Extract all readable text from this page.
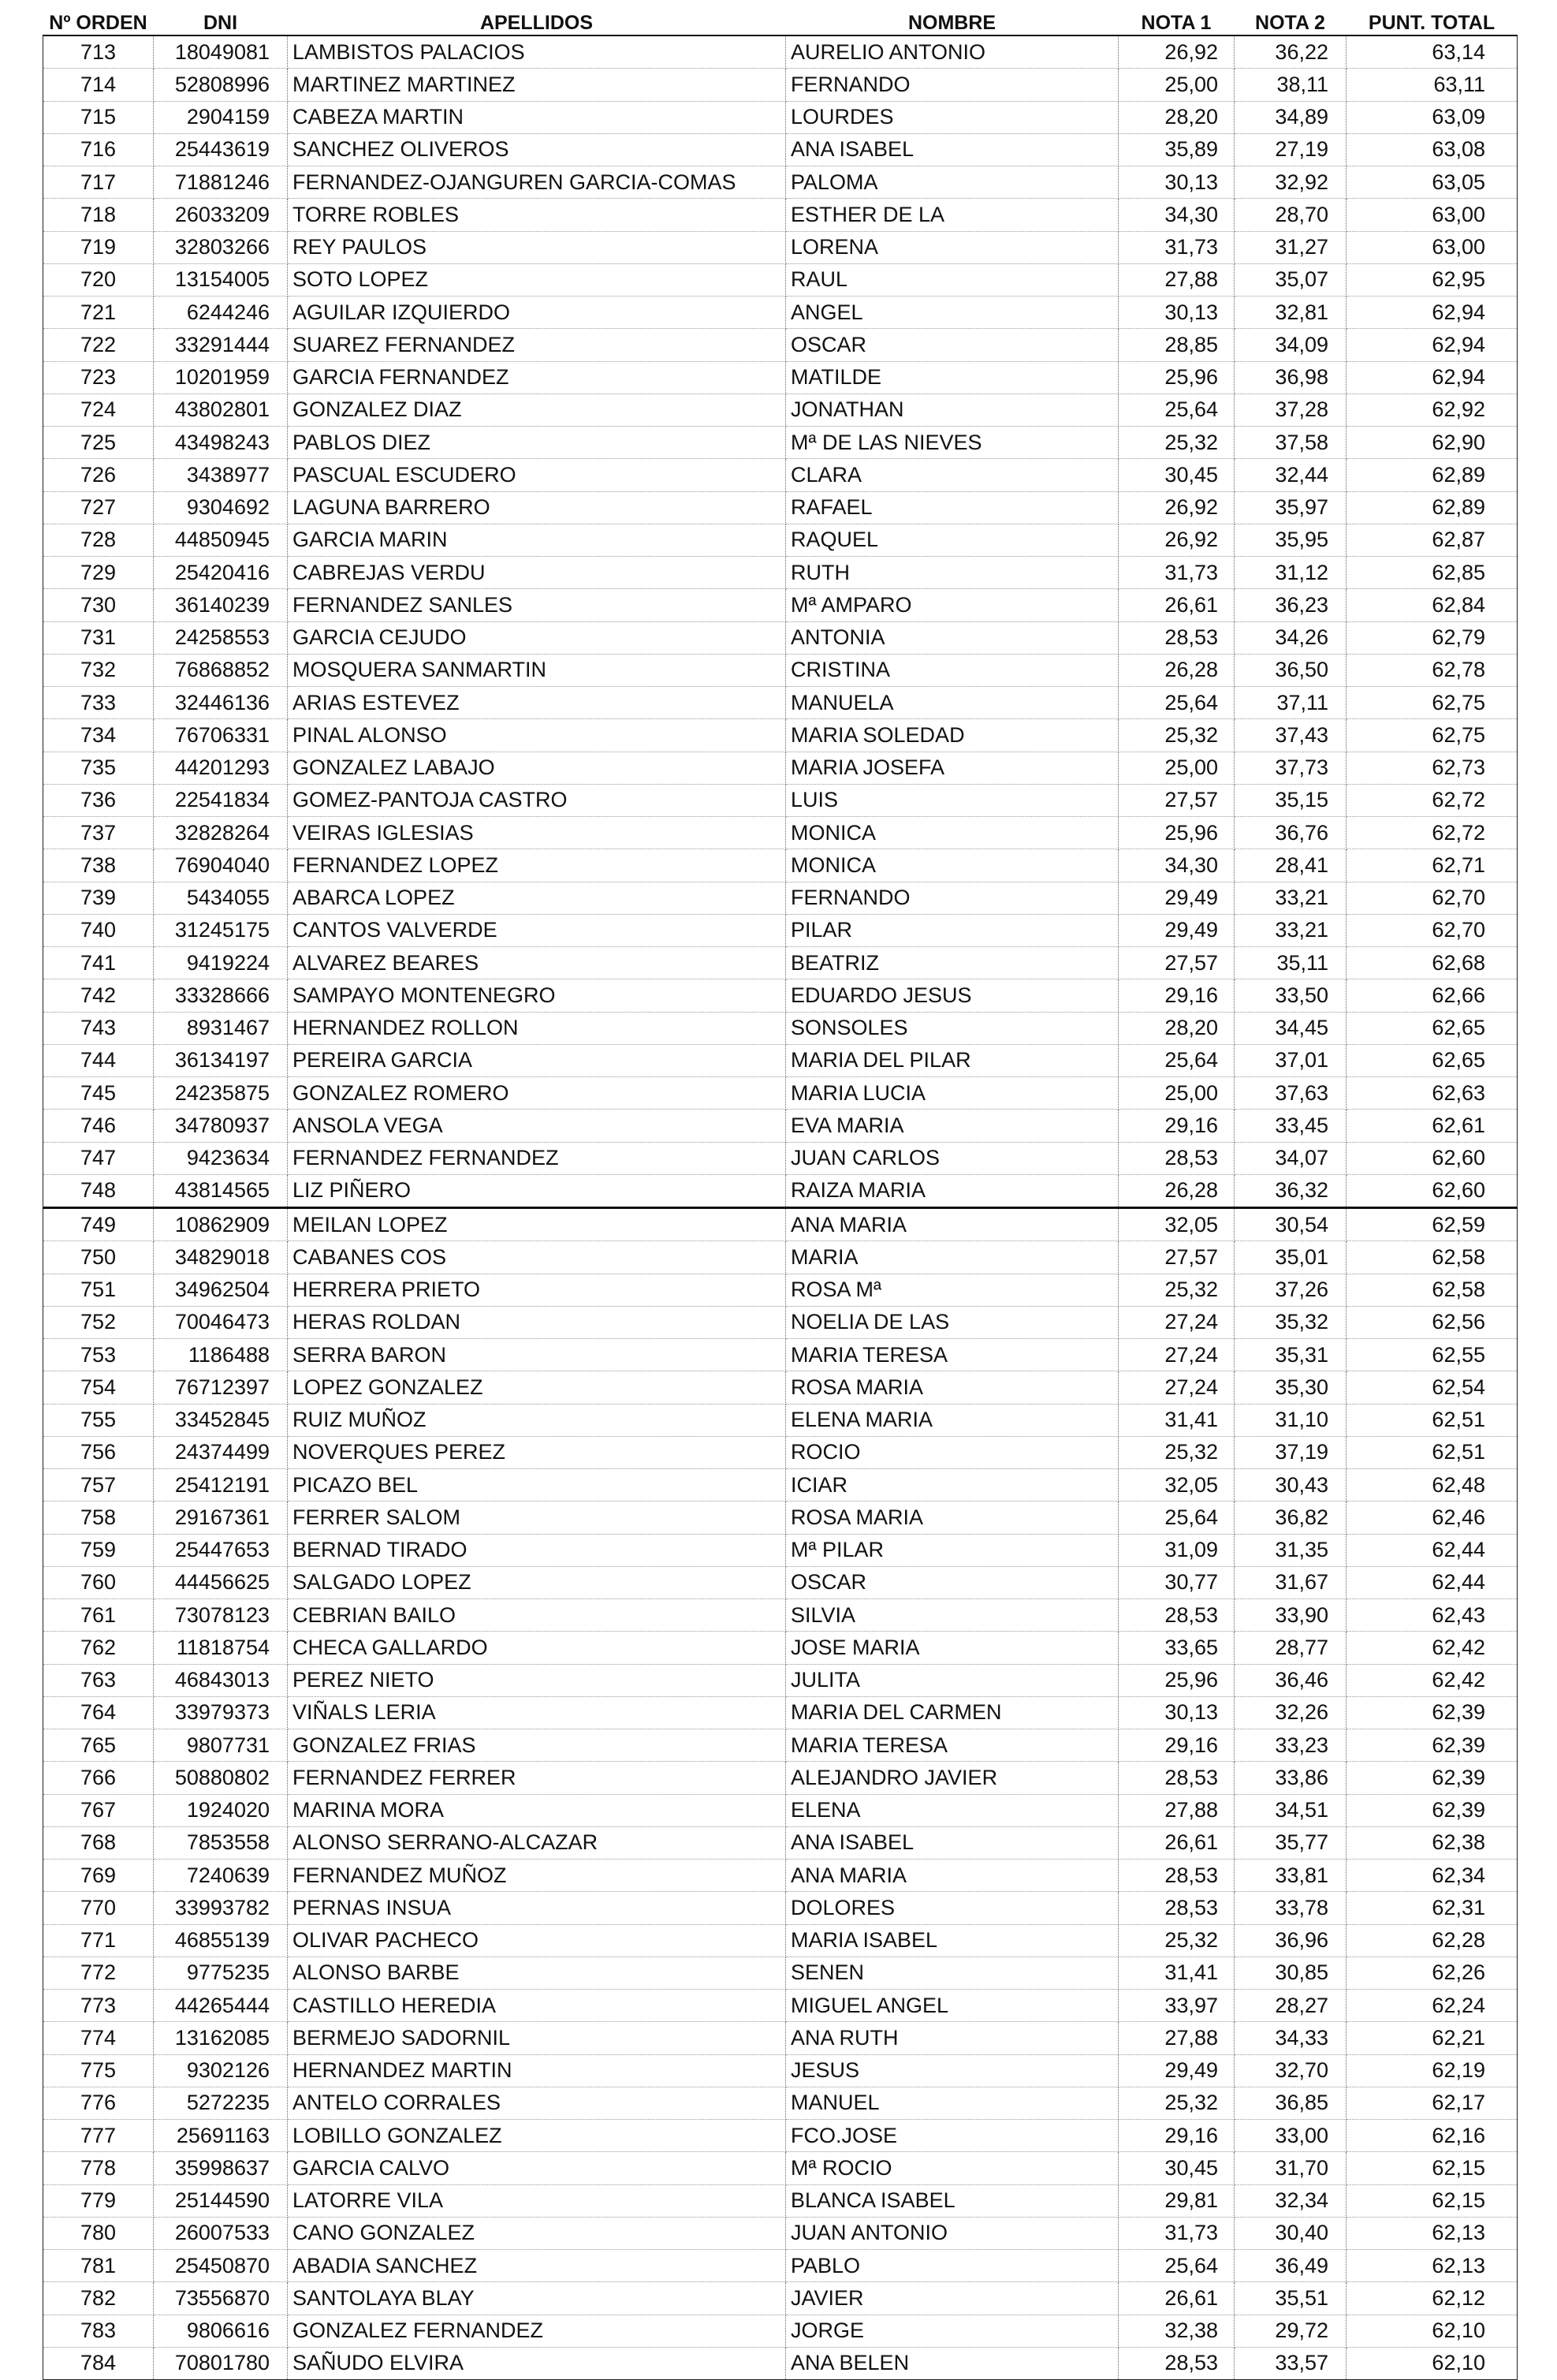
Nº ORDEN	DNI	APELLIDOS	NOMBRE	NOTA 1	NOTA 2	PUNT. TOTAL
713	18049081	LAMBISTOS PALACIOS	AURELIO ANTONIO	26,92	36,22	63,14
714	52808996	MARTINEZ MARTINEZ	FERNANDO	25,00	38,11	63,11
715	2904159	CABEZA MARTIN	LOURDES	28,20	34,89	63,09
716	25443619	SANCHEZ OLIVEROS	ANA ISABEL	35,89	27,19	63,08
717	71881246	FERNANDEZ-OJANGUREN GARCIA-COMAS	PALOMA	30,13	32,92	63,05
718	26033209	TORRE ROBLES	ESTHER DE LA	34,30	28,70	63,00
719	32803266	REY PAULOS	LORENA	31,73	31,27	63,00
720	13154005	SOTO LOPEZ	RAUL	27,88	35,07	62,95
721	6244246	AGUILAR IZQUIERDO	ANGEL	30,13	32,81	62,94
722	33291444	SUAREZ FERNANDEZ	OSCAR	28,85	34,09	62,94
723	10201959	GARCIA FERNANDEZ	MATILDE	25,96	36,98	62,94
724	43802801	GONZALEZ DIAZ	JONATHAN	25,64	37,28	62,92
725	43498243	PABLOS DIEZ	Mª DE LAS NIEVES	25,32	37,58	62,90
726	3438977	PASCUAL ESCUDERO	CLARA	30,45	32,44	62,89
727	9304692	LAGUNA BARRERO	RAFAEL	26,92	35,97	62,89
728	44850945	GARCIA MARIN	RAQUEL	26,92	35,95	62,87
729	25420416	CABREJAS VERDU	RUTH	31,73	31,12	62,85
730	36140239	FERNANDEZ SANLES	Mª AMPARO	26,61	36,23	62,84
731	24258553	GARCIA CEJUDO	ANTONIA	28,53	34,26	62,79
732	76868852	MOSQUERA SANMARTIN	CRISTINA	26,28	36,50	62,78
733	32446136	ARIAS ESTEVEZ	MANUELA	25,64	37,11	62,75
734	76706331	PINAL ALONSO	MARIA SOLEDAD	25,32	37,43	62,75
735	44201293	GONZALEZ LABAJO	MARIA JOSEFA	25,00	37,73	62,73
736	22541834	GOMEZ-PANTOJA CASTRO	LUIS	27,57	35,15	62,72
737	32828264	VEIRAS IGLESIAS	MONICA	25,96	36,76	62,72
738	76904040	FERNANDEZ LOPEZ	MONICA	34,30	28,41	62,71
739	5434055	ABARCA LOPEZ	FERNANDO	29,49	33,21	62,70
740	31245175	CANTOS VALVERDE	PILAR	29,49	33,21	62,70
741	9419224	ALVAREZ BEARES	BEATRIZ	27,57	35,11	62,68
742	33328666	SAMPAYO MONTENEGRO	EDUARDO JESUS	29,16	33,50	62,66
743	8931467	HERNANDEZ ROLLON	SONSOLES	28,20	34,45	62,65
744	36134197	PEREIRA GARCIA	MARIA DEL PILAR	25,64	37,01	62,65
745	24235875	GONZALEZ ROMERO	MARIA LUCIA	25,00	37,63	62,63
746	34780937	ANSOLA VEGA	EVA MARIA	29,16	33,45	62,61
747	9423634	FERNANDEZ FERNANDEZ	JUAN CARLOS	28,53	34,07	62,60
748	43814565	LIZ PIÑERO	RAIZA MARIA	26,28	36,32	62,60
749	10862909	MEILAN LOPEZ	ANA MARIA	32,05	30,54	62,59
750	34829018	CABANES COS	MARIA	27,57	35,01	62,58
751	34962504	HERRERA PRIETO	ROSA Mª	25,32	37,26	62,58
752	70046473	HERAS ROLDAN	NOELIA DE LAS	27,24	35,32	62,56
753	1186488	SERRA BARON	MARIA TERESA	27,24	35,31	62,55
754	76712397	LOPEZ GONZALEZ	ROSA MARIA	27,24	35,30	62,54
755	33452845	RUIZ MUÑOZ	ELENA MARIA	31,41	31,10	62,51
756	24374499	NOVERQUES PEREZ	ROCIO	25,32	37,19	62,51
757	25412191	PICAZO BEL	ICIAR	32,05	30,43	62,48
758	29167361	FERRER SALOM	ROSA MARIA	25,64	36,82	62,46
759	25447653	BERNAD TIRADO	Mª PILAR	31,09	31,35	62,44
760	44456625	SALGADO LOPEZ	OSCAR	30,77	31,67	62,44
761	73078123	CEBRIAN BAILO	SILVIA	28,53	33,90	62,43
762	11818754	CHECA GALLARDO	JOSE MARIA	33,65	28,77	62,42
763	46843013	PEREZ NIETO	JULITA	25,96	36,46	62,42
764	33979373	VIÑALS LERIA	MARIA DEL CARMEN	30,13	32,26	62,39
765	9807731	GONZALEZ FRIAS	MARIA TERESA	29,16	33,23	62,39
766	50880802	FERNANDEZ FERRER	ALEJANDRO JAVIER	28,53	33,86	62,39
767	1924020	MARINA MORA	ELENA	27,88	34,51	62,39
768	7853558	ALONSO SERRANO-ALCAZAR	ANA ISABEL	26,61	35,77	62,38
769	7240639	FERNANDEZ MUÑOZ	ANA MARIA	28,53	33,81	62,34
770	33993782	PERNAS INSUA	DOLORES	28,53	33,78	62,31
771	46855139	OLIVAR PACHECO	MARIA ISABEL	25,32	36,96	62,28
772	9775235	ALONSO BARBE	SENEN	31,41	30,85	62,26
773	44265444	CASTILLO HEREDIA	MIGUEL ANGEL	33,97	28,27	62,24
774	13162085	BERMEJO SADORNIL	ANA RUTH	27,88	34,33	62,21
775	9302126	HERNANDEZ MARTIN	JESUS	29,49	32,70	62,19
776	5272235	ANTELO CORRALES	MANUEL	25,32	36,85	62,17
777	25691163	LOBILLO GONZALEZ	FCO.JOSE	29,16	33,00	62,16
778	35998637	GARCIA CALVO	Mª ROCIO	30,45	31,70	62,15
779	25144590	LATORRE VILA	BLANCA ISABEL	29,81	32,34	62,15
780	26007533	CANO GONZALEZ	JUAN ANTONIO	31,73	30,40	62,13
781	25450870	ABADIA SANCHEZ	PABLO	25,64	36,49	62,13
782	73556870	SANTOLAYA BLAY	JAVIER	26,61	35,51	62,12
783	9806616	GONZALEZ FERNANDEZ	JORGE	32,38	29,72	62,10
784	70801780	SAÑUDO ELVIRA	ANA BELEN	28,53	33,57	62,10
